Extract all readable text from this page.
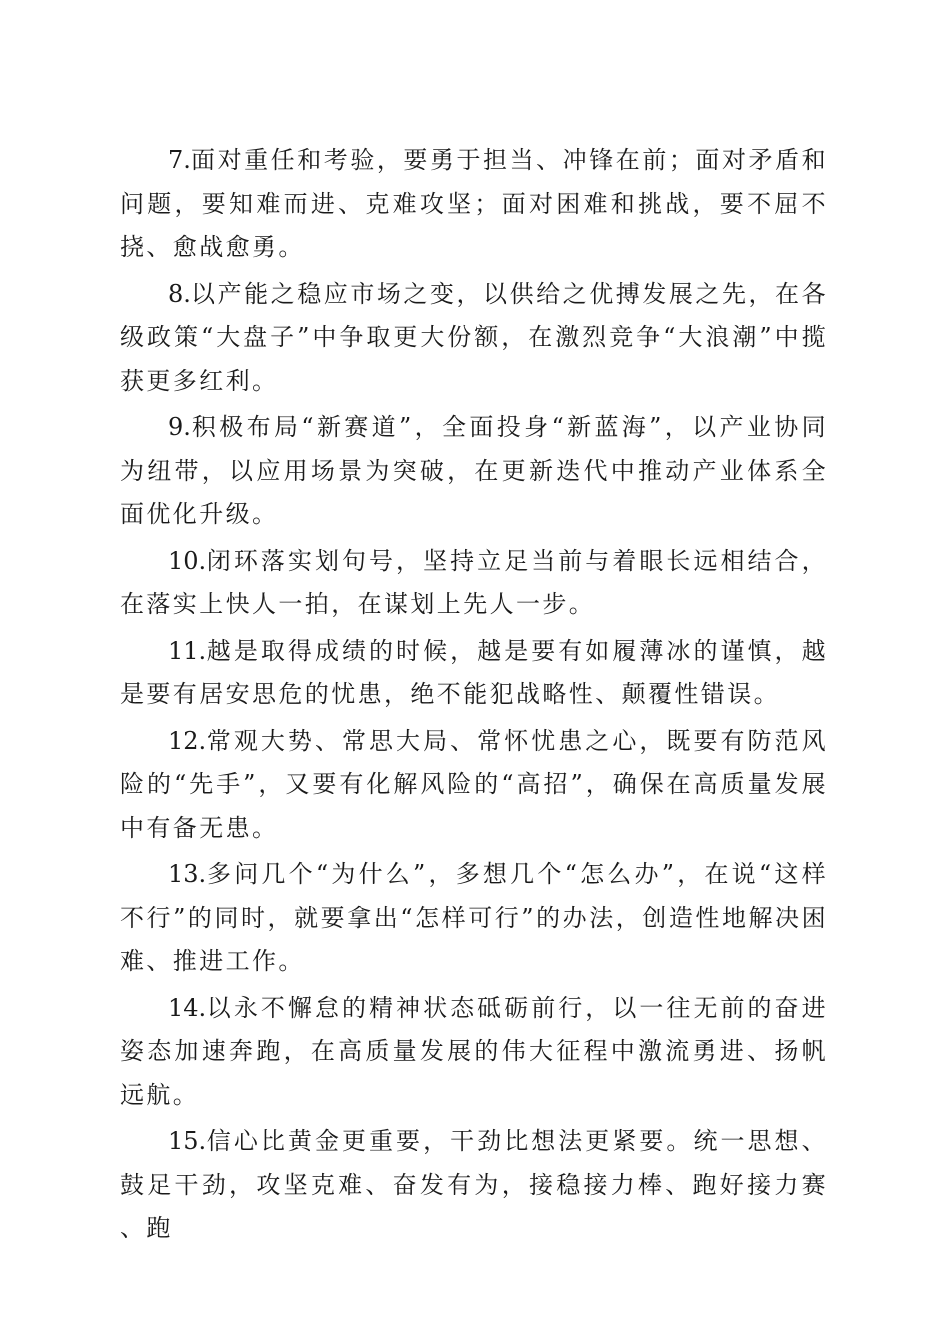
7.面对重任和考验，要勇于担当、冲锋在前；面对矛盾和问题，要知难而进、克难攻坚；面对困难和挑战，要不屈不挠、愈战愈勇。

8.以产能之稳应市场之变，以供给之优搏发展之先，在各级政策“大盘子”中争取更大份额，在激烈竞争“大浪潮”中揽获更多红利。

9.积极布局“新赛道”，全面投身“新蓝海”，以产业协同为纽带，以应用场景为突破，在更新迭代中推动产业体系全面优化升级。

10.闭环落实划句号，坚持立足当前与着眼长远相结合，在落实上快人一拍，在谋划上先人一步。

11.越是取得成绩的时候，越是要有如履薄冰的谨慎，越是要有居安思危的忧患，绝不能犯战略性、颠覆性错误。

12.常观大势、常思大局、常怀忧患之心，既要有防范风险的“先手”，又要有化解风险的“高招”，确保在高质量发展中有备无患。

13.多问几个“为什么”，多想几个“怎么办”，在说“这样不行”的同时，就要拿出“怎样可行”的办法，创造性地解决困难、推进工作。

14.以永不懈怠的精神状态砥砺前行，以一往无前的奋进姿态加速奔跑，在高质量发展的伟大征程中激流勇进、扬帆远航。

15.信心比黄金更重要，干劲比想法更紧要。统一思想、鼓足干劲，攻坚克难、奋发有为，接稳接力棒、跑好接力赛、跑
